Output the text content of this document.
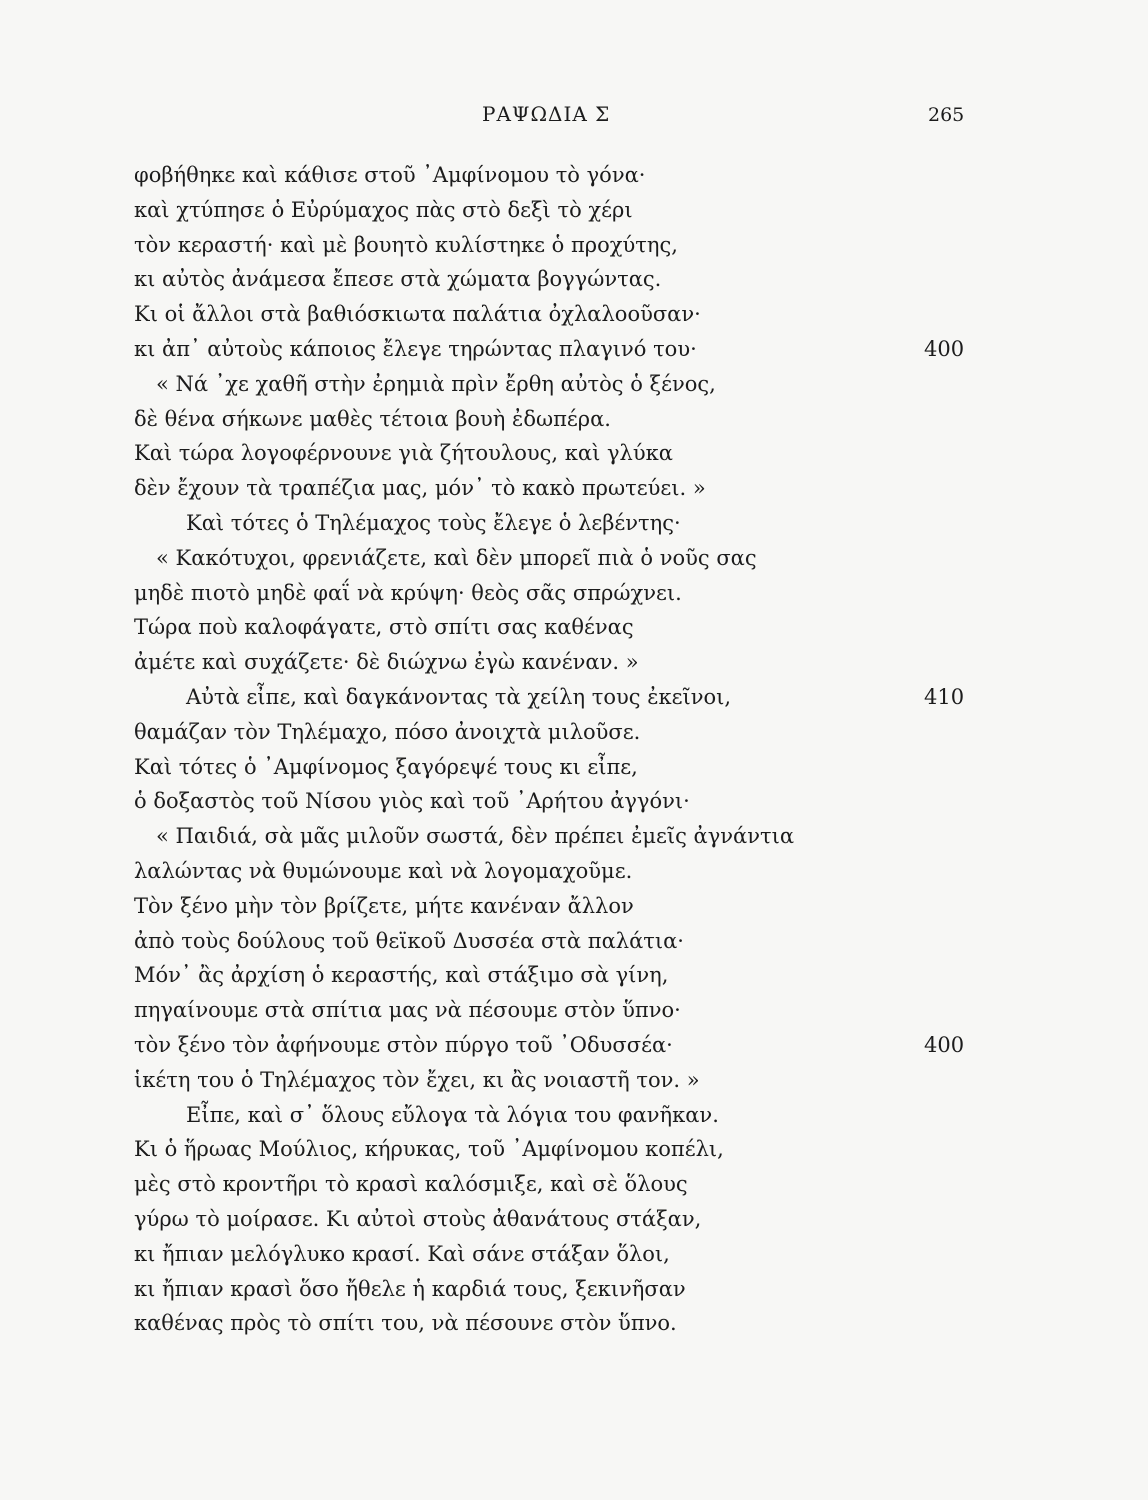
ΡΑΨΩΔΙΑ Σ	265
φοβήθηκε καὶ κάθισε στοῦ ᾿Αμφίνομου τὸ γόνα·
καὶ χτύπησε ὁ Εὐρύμαχος πὰς στὸ δεξὶ τὸ χέρι
τὸν κεραστή· καὶ μὲ βουητὸ κυλίστηκε ὁ προχύτης,
κι αὐτὸς ἀνάμεσα ἔπεσε στὰ χώματα βογγώντας.
Κι οἱ ἄλλοι στὰ βαθιόσκιωτα παλάτια ὀχλαλοοῦσαν·
κι ἀπ᾿ αὐτοὺς κάποιος ἔλεγε τηρώντας πλαγινό του·	400
« Νά ᾿χε χαθῆ στὴν ἐρημιὰ πρὶν ἔρθη αὐτὸς ὁ ξένος,
δὲ θένα σήκωνε μαθὲς τέτοια βουὴ ἐδωπέρα.
Καὶ τώρα λογοφέρνουνε γιὰ ζήτουλους, καὶ γλύκα
δὲν ἔχουν τὰ τραπέζια μας, μόν᾿ τὸ κακὸ πρωτεύει. »
Καὶ τότες ὁ Τηλέμαχος τοὺς ἔλεγε ὁ λεβέντης·
« Κακότυχοι, φρενιάζετε, καὶ δὲν μπορεῖ πιὰ ὁ νοῦς σας
μηδὲ πιοτὸ μηδὲ φαΐ νὰ κρύψη· θεὸς σᾶς σπρώχνει.
Τώρα ποὺ καλοφάγατε, στὸ σπίτι σας καθένας
ἀμέτε καὶ συχάζετε· δὲ διώχνω ἐγὼ κανέναν. »
Αὐτὰ εἶπε, καὶ δαγκάνοντας τὰ χείλη τους ἐκεῖνοι,	410
θαμάζαν τὸν Τηλέμαχο, πόσο ἀνοιχτὰ μιλοῦσε.
Καὶ τότες ὁ ᾿Αμφίνομος ξαγόρεψέ τους κι εἶπε,
ὁ δοξαστὸς τοῦ Νίσου γιὸς καὶ τοῦ ᾿Αρήτου ἀγγόνι·
« Παιδιά, σὰ μᾶς μιλοῦν σωστά, δὲν πρέπει ἐμεῖς ἀγνάντια
λαλώντας νὰ θυμώνουμε καὶ νὰ λογομαχοῦμε.
Τὸν ξένο μὴν τὸν βρίζετε, μήτε κανέναν ἄλλον
ἀπὸ τοὺς δούλους τοῦ θεϊκοῦ Δυσσέα στὰ παλάτια·
Μόν᾿ ἂς ἀρχίση ὁ κεραστής, καὶ στάξιμο σὰ γίνη,
πηγαίνουμε στὰ σπίτια μας νὰ πέσουμε στὸν ὕπνο·
τὸν ξένο τὸν ἀφήνουμε στὸν πύργο τοῦ ᾿Οδυσσέα·	400
ἱκέτη του ὁ Τηλέμαχος τὸν ἔχει, κι ἂς νοιαστῆ τον. »
Εἶπε, καὶ σ᾿ ὅλους εὔλογα τὰ λόγια του φανῆκαν.
Κι ὁ ἥρωας Μούλιος, κήρυκας, τοῦ ᾿Αμφίνομου κοπέλι,
μὲς στὸ κροντῆρι τὸ κρασὶ καλόσμιξε, καὶ σὲ ὅλους
γύρω τὸ μοίρασε. Κι αὐτοὶ στοὺς ἀθανάτους στάξαν,
κι ἤπιαν μελόγλυκο κρασί. Καὶ σάνε στάξαν ὅλοι,
κι ἤπιαν κρασὶ ὅσο ἤθελε ἡ καρδιά τους, ξεκινῆσαν
καθένας πρὸς τὸ σπίτι του, νὰ πέσουνε στὸν ὕπνο.
